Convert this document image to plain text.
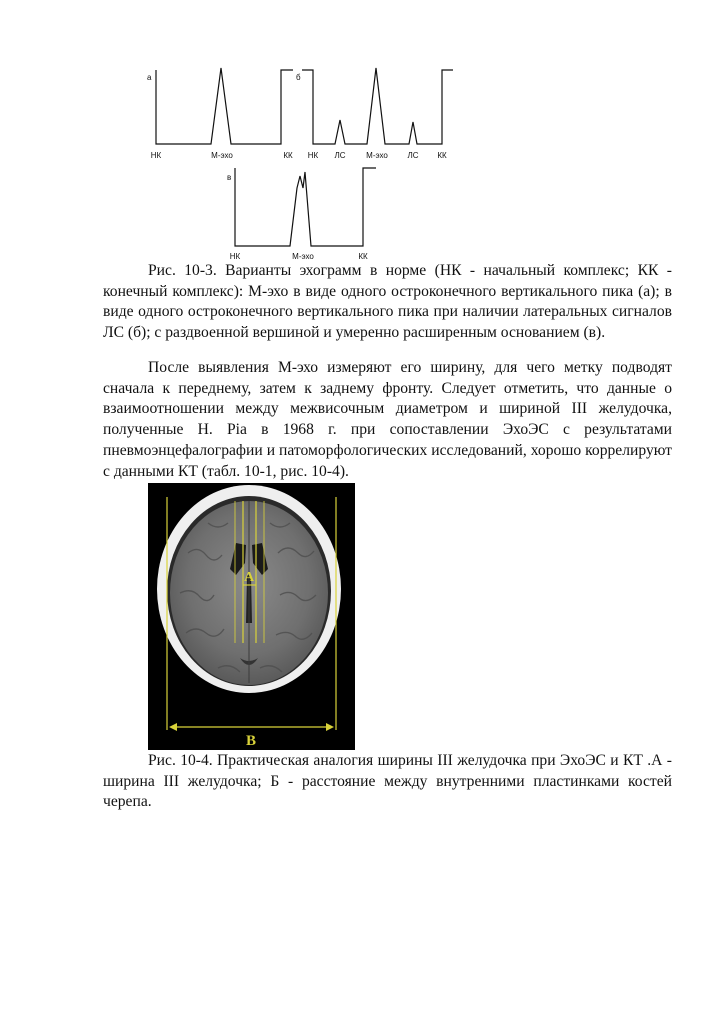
а
НК	М-эхо	КК
б
НК ЛС	М-эхо ЛС КК
в
НК	М-эхо	КК

Рис. 10-3. Варианты эхограмм в норме (НК - начальный комплекс; КК - конечный комплекс): М-эхо в виде одного остроконечного вертикального пика (а); в виде одного остроконечного вертикального пика при наличии латеральных сигналов ЛС (б); с раздвоенной вершиной и умеренно расширенным основанием (в).

После выявления М-эхо измеряют его ширину, для чего метку подводят сначала к переднему, затем к заднему фронту. Следует отметить, что данные о взаимоотношении между межвисочным диаметром и шириной III желудочка, полученные Н. Pia в 1968 г. при сопоставлении ЭхоЭС с результатами пневмоэнцефалографии и патоморфологических исследований, хорошо коррелируют с данными КТ (табл. 10-1, рис. 10-4).

A
B

Рис. 10-4. Практическая аналогия ширины III желудочка при ЭхоЭС и КТ .А - ширина III желудочка; Б - расстояние между внутренними пластинками костей черепа.
